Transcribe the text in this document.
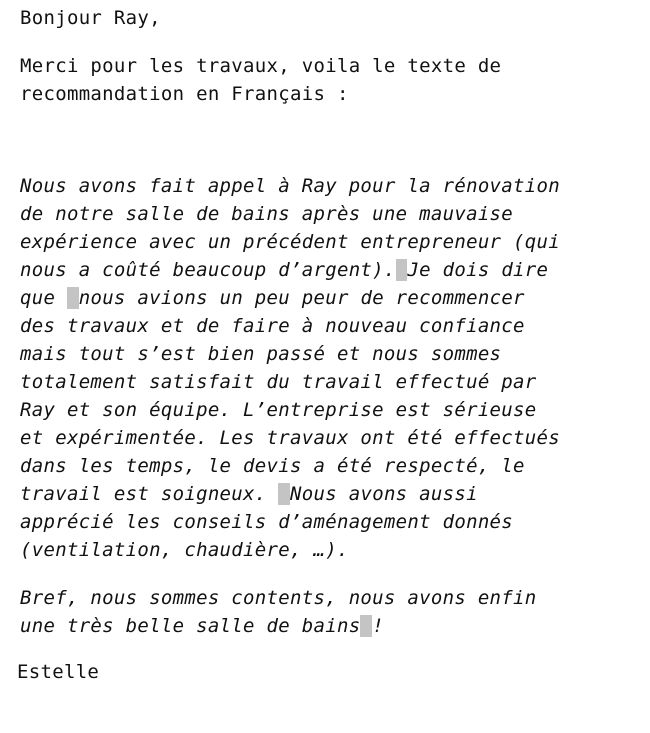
Bonjour Ray,
Merci pour les travaux, voila le texte de
recommandation en Français :
Nous avons fait appel à Ray pour la rénovation
de notre salle de bains après une mauvaise
expérience avec un précédent entrepreneur (qui
nous a coûté beaucoup d’argent). Je dois dire
que nous avions un peu peur de recommencer
des travaux et de faire à nouveau confiance
mais tout s’est bien passé et nous sommes
totalement satisfait du travail effectué par
Ray et son équipe. L’entreprise est sérieuse
et expérimentée. Les travaux ont été effectués
dans les temps, le devis a été respecté, le
travail est soigneux. Nous avons aussi
apprécié les conseils d’aménagement donnés
(ventilation, chaudière, …).
Bref, nous sommes contents, nous avons enfin
une très belle salle de bains !
Estelle
